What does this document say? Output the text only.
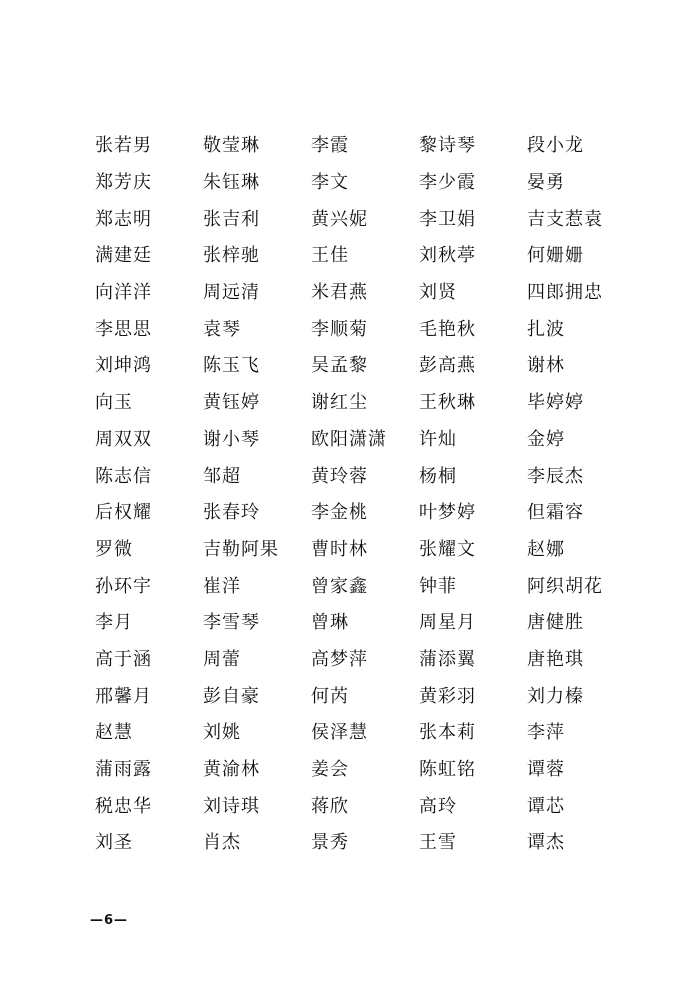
张若男	敬莹琳	李霞	黎诗琴	段小龙
郑芳庆	朱钰琳	李文	李少霞	晏勇
郑志明	张吉利	黄兴妮	李卫娟	吉支惹袁
满建廷	张梓驰	王佳	刘秋葶	何姗姗
向洋洋	周远清	米君燕	刘贤	四郎拥忠
李思思	袁琴	李顺菊	毛艳秋	扎波
刘坤鸿	陈玉飞	吴孟黎	彭高燕	谢林
向玉	黄钰婷	谢红尘	王秋琳	毕婷婷
周双双	谢小琴	欧阳潇潇	许灿	金婷
陈志信	邹超	黄玲蓉	杨桐	李辰杰
后权耀	张春玲	李金桃	叶梦婷	但霜容
罗微	吉勒阿果	曹时林	张耀文	赵娜
孙环宇	崔洋	曾家鑫	钟菲	阿织胡花
李月	李雪琴	曾琳	周星月	唐健胜
高于涵	周蕾	高梦萍	蒲添翼	唐艳琪
邢馨月	彭自豪	何芮	黄彩羽	刘力榛
赵慧	刘姚	侯泽慧	张本莉	李萍
蒲雨露	黄渝林	姜会	陈虹铭	谭蓉
税忠华	刘诗琪	蒋欣	高玲	谭芯
刘圣	肖杰	景秀	王雪	谭杰
—6—
